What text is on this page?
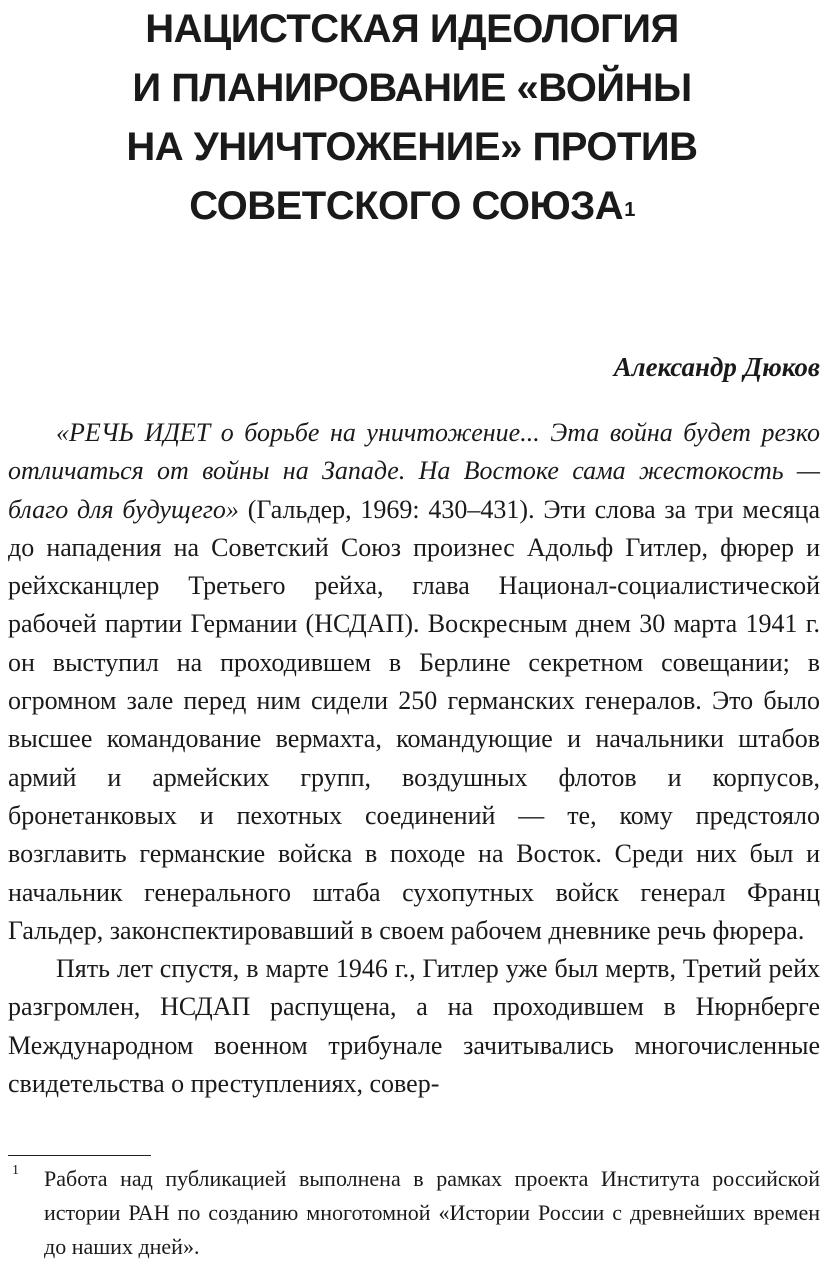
НАЦИСТСКАЯ ИДЕОЛОГИЯ
И ПЛАНИРОВАНИЕ «ВОЙНЫ
НА УНИЧТОЖЕНИЕ» ПРОТИВ
СОВЕТСКОГО СОЮЗА$^1$
Александр Дюков

«РЕЧЬ ИДЕТ о борьбе на уничтожение... Эта война будет резко отличаться от войны на Западе. На Востоке сама жестокость — благо для будущего» (Гальдер, 1969: 430–431). Эти слова за три месяца до нападения на Советский Союз произнес Адольф Гитлер, фюрер и рейхсканцлер Третьего рейха, глава Национал-социалистической рабочей партии Германии (НСДАП). Воскресным днем 30 марта 1941 г. он выступил на проходившем в Берлине секретном совещании; в огромном зале перед ним сидели 250 германских генералов. Это было высшее командование вермахта, командующие и начальники штабов армий и армейских групп, воздушных флотов и корпусов, бронетанковых и пехотных соединений — те, кому предстояло возглавить германские войска в походе на Восток. Среди них был и начальник генерального штаба сухопутных войск генерал Франц Гальдер, законспектировавший в своем рабочем дневнике речь фюрера.

Пять лет спустя, в марте 1946 г., Гитлер уже был мертв, Третий рейх разгромлен, НСДАП распущена, а на проходившем в Нюрнберге Международном военном трибунале зачитывались многочисленные свидетельства о преступлениях, совер-

1 Работа над публикацией выполнена в рамках проекта Института российской истории РАН по созданию многотомной «Истории России с древнейших времен до наших дней».
